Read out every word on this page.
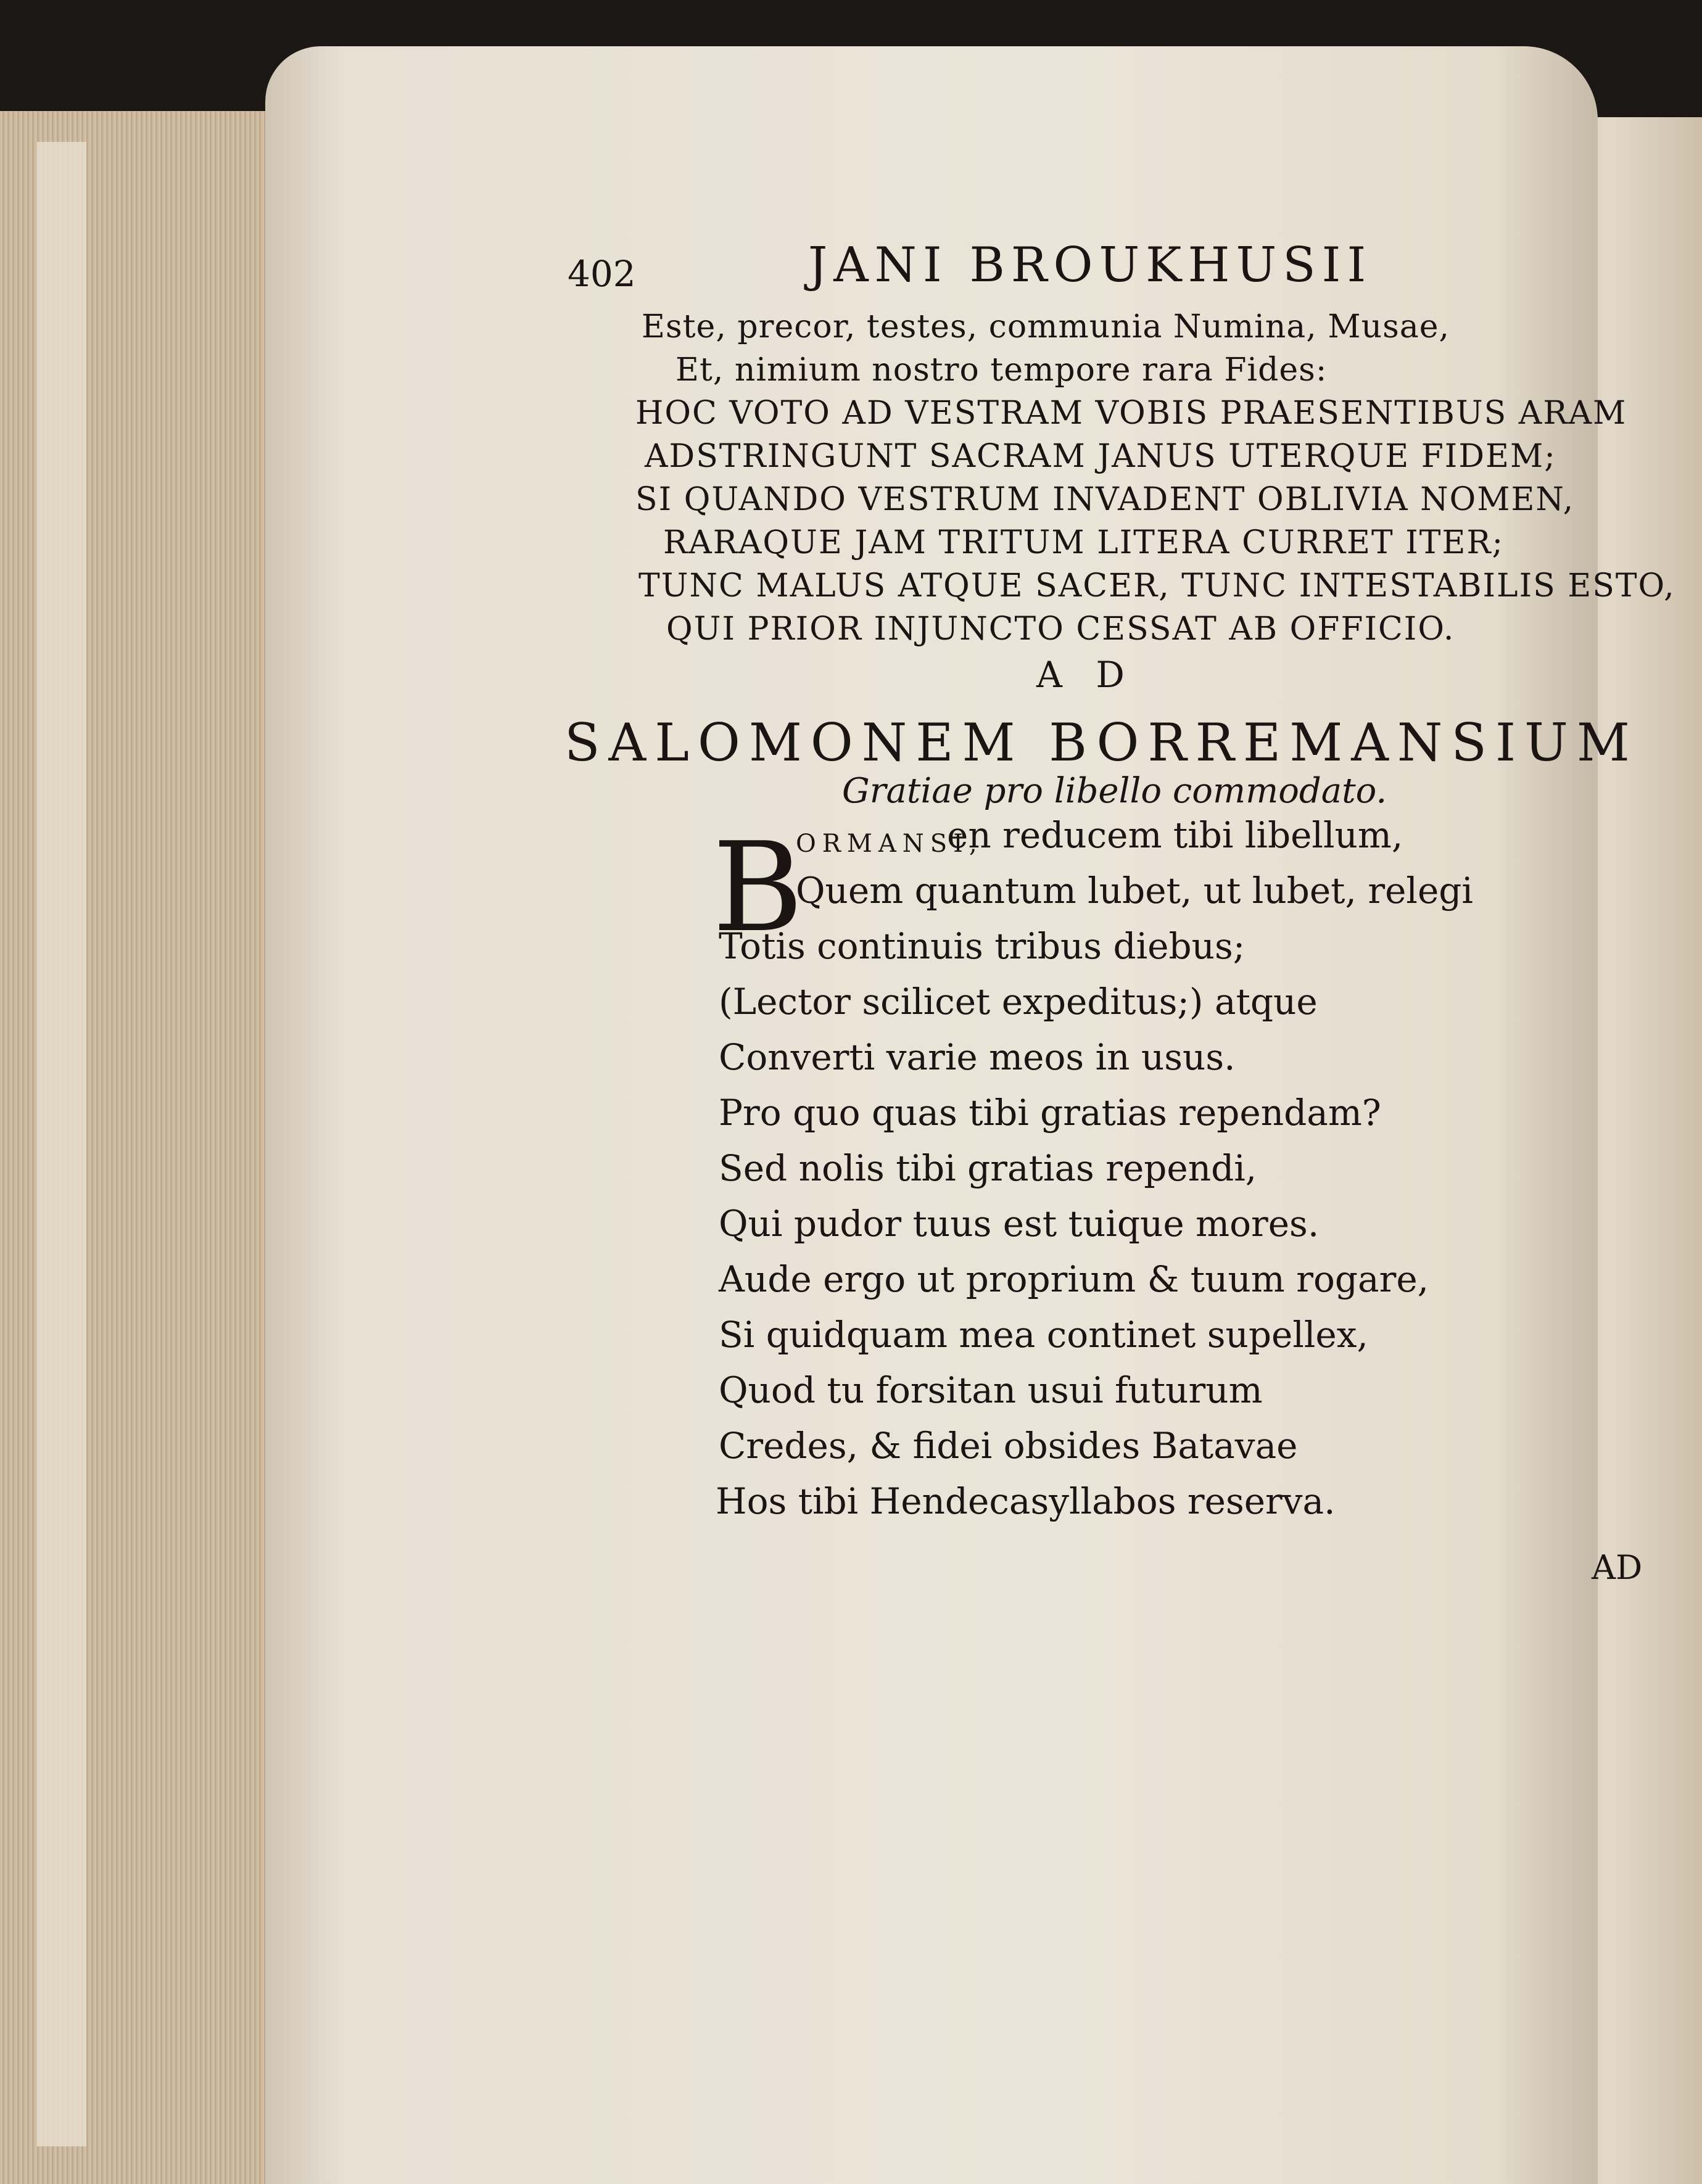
402	JANI BROUKHUSII
Este, precor, testes, communia Numina, Musae,
Et, nimium nostro tempore rara Fides:
HOC VOTO AD VESTRAM VOBIS PRAESENTIBUS ARAM
ADSTRINGUNT SACRAM JANUS UTERQUE FIDEM;
SI QUANDO VESTRUM INVADENT OBLIVIA NOMEN,
RARAQUE JAM TRITUM LITERA CURRET ITER;
TUNC MALUS ATQUE SACER, TUNC INTESTABILIS ESTO,
QUI PRIOR INJUNCTO CESSAT AB OFFICIO.
A D
SALOMONEM BORREMANSIUM
Gratiae pro libello commodato.
B
ORMANSI,
en reducem tibi libellum,
Quem quantum lubet, ut lubet, relegi
Totis continuis tribus diebus;
(Lector scilicet expeditus;) atque
Converti varie meos in usus.
Pro quo quas tibi gratias rependam?
Sed nolis tibi gratias rependi,
Qui pudor tuus est tuique mores.
Aude ergo ut proprium & tuum rogare,
Si quidquam mea continet supellex,
Quod tu forsitan usui futurum
Credes, & fidei obsides Batavae
Hos tibi Hendecasyllabos reserva.
AD
